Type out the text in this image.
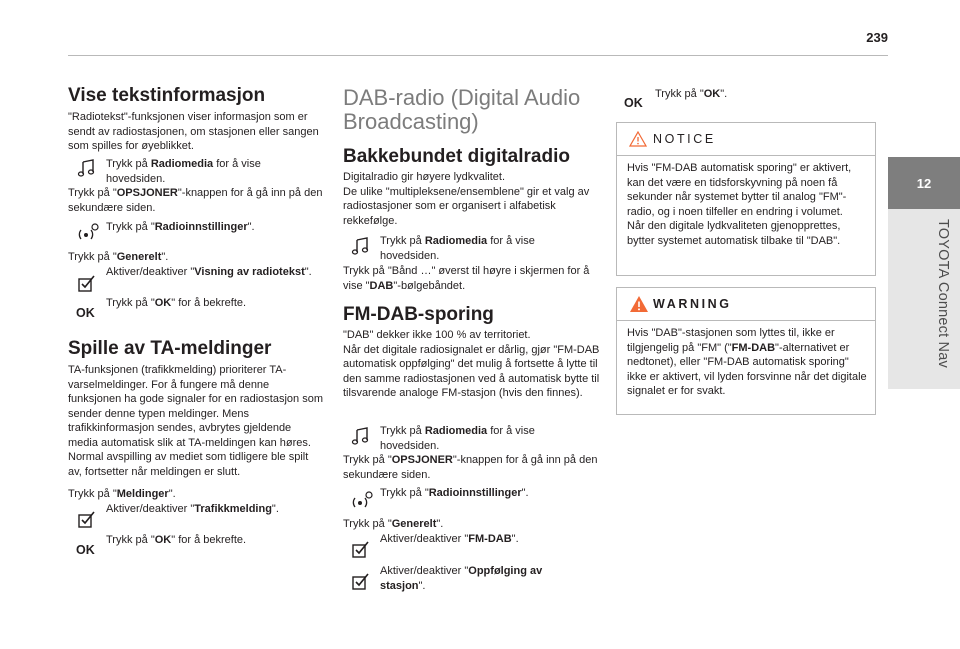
239
12
TOYOTA Connect Nav
Vise tekstinformasjon
"Radiotekst"-funksjonen viser informasjon som er sendt av radiostasjonen, om stasjonen eller sangen som spilles for øyeblikket.
Trykk på Radiomedia for å vise hovedsiden.
Trykk på "OPSJONER"-knappen for å gå inn på den sekundære siden.
Trykk på "Radioinnstillinger".
Trykk på "Generelt".
Aktiver/deaktiver "Visning av radiotekst".
OK
Trykk på "OK" for å bekrefte.
Spille av TA-meldinger
TA-funksjonen (trafikkmelding) prioriterer TA-varselmeldinger. For å fungere må denne funksjonen ha gode signaler for en radiostasjon som sender denne typen meldinger. Mens trafikkinformasjon sendes, avbrytes gjeldende media automatisk slik at TA-meldingen kan høres. Normal avspilling av mediet som tidligere ble spilt av, fortsetter når meldingen er slutt.
Trykk på "Meldinger".
Aktiver/deaktiver "Trafikkmelding".
OK
Trykk på "OK" for å bekrefte.
DAB-radio (Digital Audio Broadcasting)
Bakkebundet digitalradio
Digitalradio gir høyere lydkvalitet.
De ulike "multipleksene/ensemblene" gir et valg av radiostasjoner som er organisert i alfabetisk rekkefølge.
Trykk på Radiomedia for å vise hovedsiden.
Trykk på "Bånd …" øverst til høyre i skjermen for å vise "DAB"-bølgebåndet.
FM-DAB-sporing
"DAB" dekker ikke 100 % av territoriet.
Når det digitale radiosignalet er dårlig, gjør "FM-DAB automatisk oppfølging" det mulig å fortsette å lytte til den samme radiostasjonen ved å automatisk bytte til tilsvarende analoge FM-stasjon (hvis den finnes).
Trykk på Radiomedia for å vise hovedsiden.
Trykk på "OPSJONER"-knappen for å gå inn på den sekundære siden.
Trykk på "Radioinnstillinger".
Trykk på "Generelt".
Aktiver/deaktiver "FM-DAB".
Aktiver/deaktiver "Oppfølging av stasjon".
OK
Trykk på "OK".
NOTICE
Hvis "FM-DAB automatisk sporing" er aktivert, kan det være en tidsforskyvning på noen få sekunder når systemet bytter til analog "FM"-radio, og i noen tilfeller en endring i volumet.
Når den digitale lydkvaliteten gjenopprettes, bytter systemet automatisk tilbake til "DAB".
WARNING
Hvis "DAB"-stasjonen som lyttes til, ikke er tilgjengelig på "FM" ("FM-DAB"-alternativet er nedtonet), eller "FM-DAB automatisk sporing" ikke er aktivert, vil lyden forsvinne når det digitale signalet er for svakt.
